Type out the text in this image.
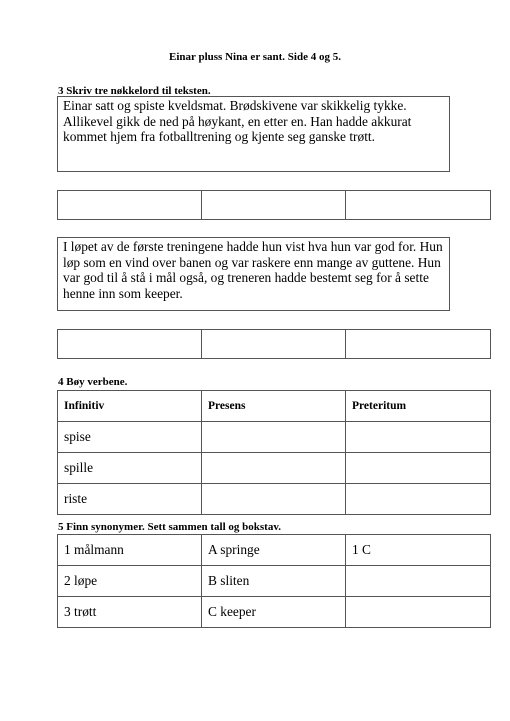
Einar pluss Nina er sant. Side 4 og 5.
3 Skriv tre nøkkelord til teksten.
Einar satt og spiste kveldsmat. Brødskivene var skikkelig tykke. Allikevel gikk de ned på høykant, en etter en. Han hadde akkurat kommet hjem fra fotballtrening og kjente seg ganske trøtt.

I løpet av de første treningene hadde hun vist hva hun var god for. Hun løp som en vind over banen og var raskere enn mange av guttene. Hun var god til å stå i mål også, og treneren hadde bestemt seg for å sette henne inn som keeper.

4 Bøy verbene.
Infinitiv	Presens	Preteritum
spise		
spille		
riste		
5 Finn synonymer. Sett sammen tall og bokstav.
1 målmann	A springe	1 C
2 løpe	B sliten	
3 trøtt	C keeper	
